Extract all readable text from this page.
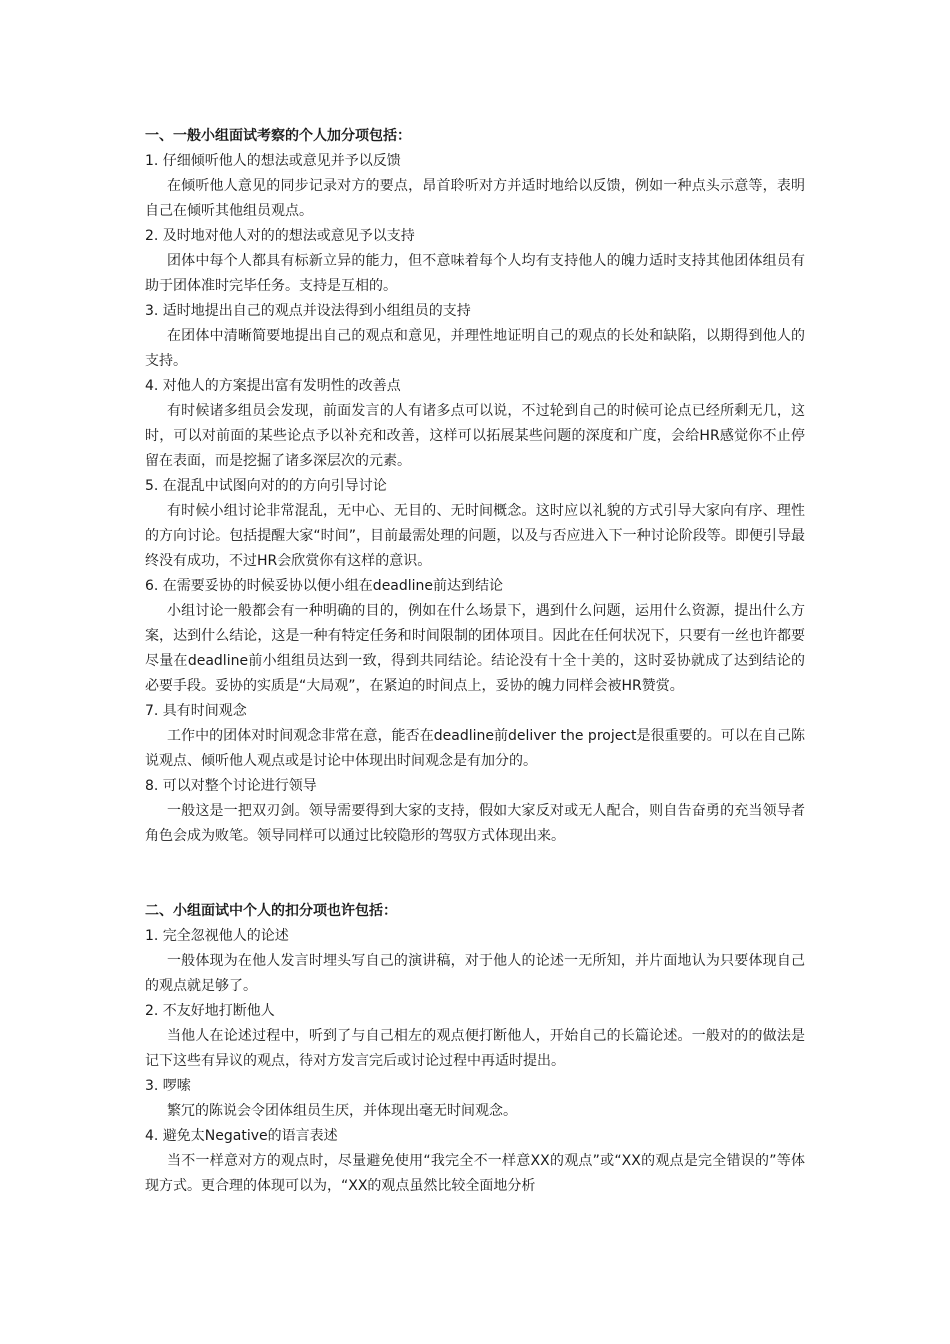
一、一般小组面试考察的个人加分项包括：
1. 仔细倾听他人的想法或意见并予以反馈

在倾听他人意见的同步记录对方的要点，昂首聆听对方并适时地给以反馈，例如一种点头示意等，表明自己在倾听其他组员观点。

2. 及时地对他人对的的想法或意见予以支持

团体中每个人都具有标新立异的能力，但不意味着每个人均有支持他人的魄力适时支持其他团体组员有助于团体准时完毕任务。支持是互相的。

3. 适时地提出自己的观点并设法得到小组组员的支持

在团体中清晰简要地提出自己的观点和意见，并理性地证明自己的观点的长处和缺陷，以期得到他人的支持。

4. 对他人的方案提出富有发明性的改善点

有时候诸多组员会发现，前面发言的人有诸多点可以说，不过轮到自己的时候可论点已经所剩无几，这时，可以对前面的某些论点予以补充和改善，这样可以拓展某些问题的深度和广度，会给HR感觉你不止停留在表面，而是挖掘了诸多深层次的元素。

5. 在混乱中试图向对的的方向引导讨论

有时候小组讨论非常混乱，无中心、无目的、无时间概念。这时应以礼貌的方式引导大家向有序、理性的方向讨论。包括提醒大家“时间”，目前最需处理的问题，以及与否应进入下一种讨论阶段等。即便引导最终没有成功，不过HR会欣赏你有这样的意识。

6. 在需要妥协的时候妥协以便小组在deadline前达到结论

小组讨论一般都会有一种明确的目的，例如在什么场景下，遇到什么问题，运用什么资源，提出什么方案，达到什么结论，这是一种有特定任务和时间限制的团体项目。因此在任何状况下，只要有一丝也许都要尽量在deadline前小组组员达到一致，得到共同结论。结论没有十全十美的，这时妥协就成了达到结论的必要手段。妥协的实质是“大局观”，在紧迫的时间点上，妥协的魄力同样会被HR赞赏。

7. 具有时间观念

工作中的团体对时间观念非常在意，能否在deadline前deliver the project是很重要的。可以在自己陈说观点、倾听他人观点或是讨论中体现出时间观念是有加分的。

8. 可以对整个讨论进行领导

一般这是一把双刃剑。领导需要得到大家的支持，假如大家反对或无人配合，则自告奋勇的充当领导者角色会成为败笔。领导同样可以通过比较隐形的驾驭方式体现出来。

二、小组面试中个人的扣分项也许包括：
1. 完全忽视他人的论述

一般体现为在他人发言时埋头写自己的演讲稿，对于他人的论述一无所知，并片面地认为只要体现自己的观点就足够了。

2. 不友好地打断他人

当他人在论述过程中，听到了与自己相左的观点便打断他人，开始自己的长篇论述。一般对的的做法是记下这些有异议的观点，待对方发言完后或讨论过程中再适时提出。

3. 啰嗦

繁冗的陈说会令团体组员生厌，并体现出毫无时间观念。

4. 避免太Negative的语言表述

当不一样意对方的观点时，尽量避免使用“我完全不一样意XX的观点”或“XX的观点是完全错误的”等体现方式。更合理的体现可以为，“XX的观点虽然比较全面地分析
